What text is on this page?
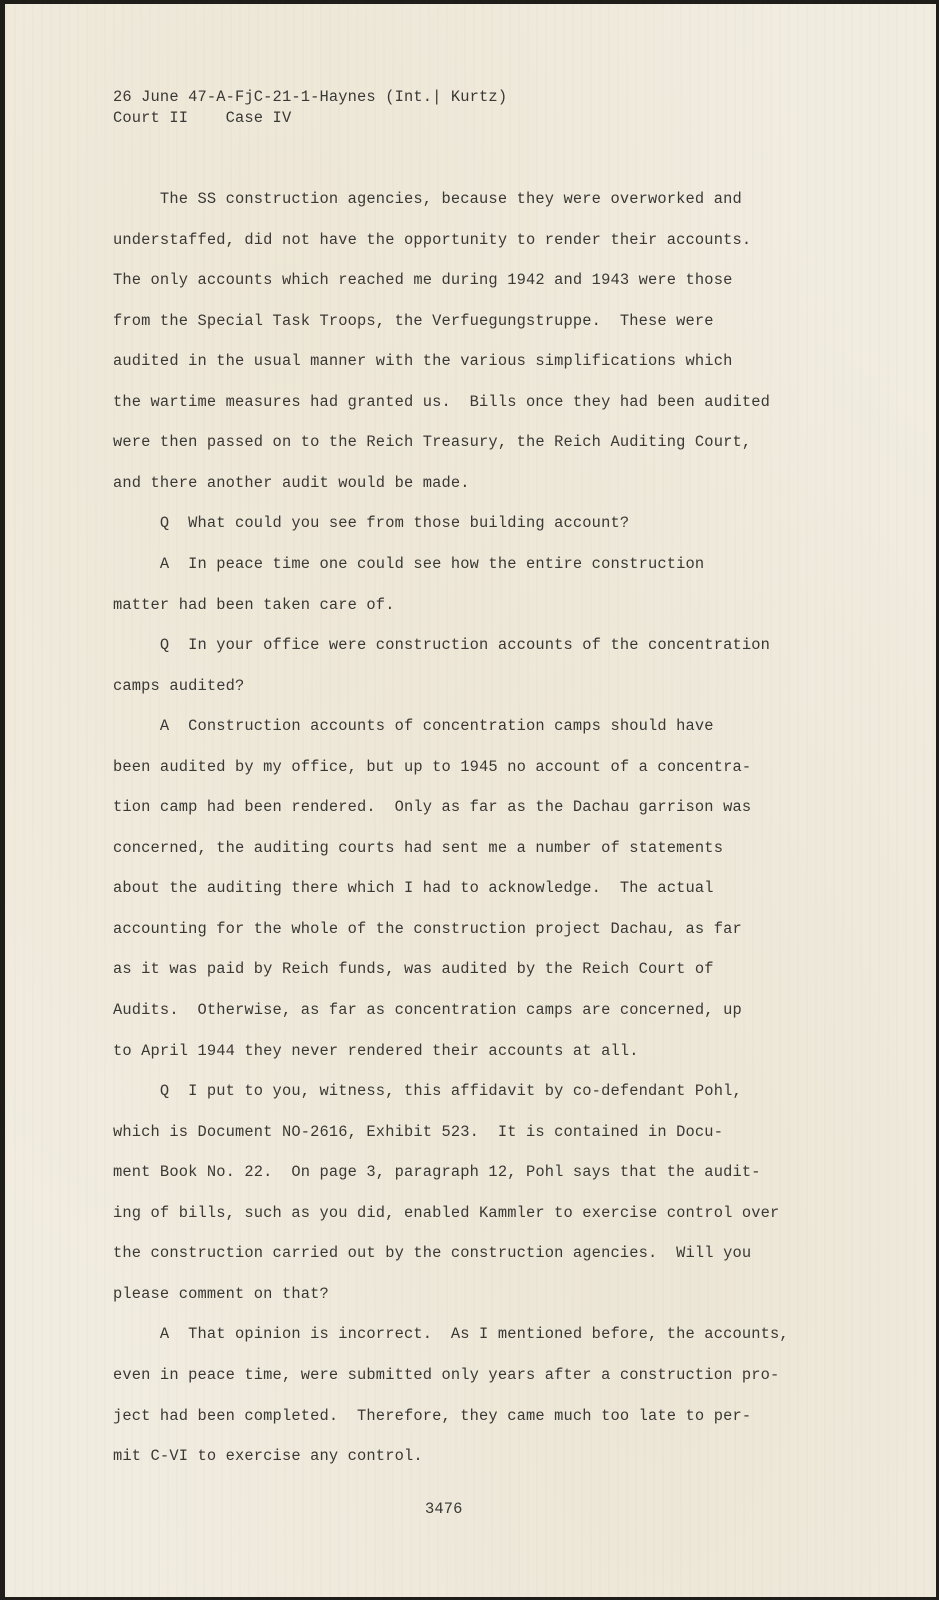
26 June 47-A-FjC-21-1-Haynes (Int.| Kurtz)
Court II    Case IV
The SS construction agencies, because they were overworked and
understaffed, did not have the opportunity to render their accounts.
The only accounts which reached me during 1942 and 1943 were those
from the Special Task Troops, the Verfuegungstruppe.  These were
audited in the usual manner with the various simplifications which
the wartime measures had granted us.  Bills once they had been audited
were then passed on to the Reich Treasury, the Reich Auditing Court,
and there another audit would be made.
Q  What could you see from those building account?
A  In peace time one could see how the entire construction
matter had been taken care of.
Q  In your office were construction accounts of the concentration
camps audited?
A  Construction accounts of concentration camps should have
been audited by my office, but up to 1945 no account of a concentra-
tion camp had been rendered.  Only as far as the Dachau garrison was
concerned, the auditing courts had sent me a number of statements
about the auditing there which I had to acknowledge.  The actual
accounting for the whole of the construction project Dachau, as far
as it was paid by Reich funds, was audited by the Reich Court of
Audits.  Otherwise, as far as concentration camps are concerned, up
to April 1944 they never rendered their accounts at all.
Q  I put to you, witness, this affidavit by co-defendant Pohl,
which is Document NO-2616, Exhibit 523.  It is contained in Docu-
ment Book No. 22.  On page 3, paragraph 12, Pohl says that the audit-
ing of bills, such as you did, enabled Kammler to exercise control over
the construction carried out by the construction agencies.  Will you
please comment on that?
A  That opinion is incorrect.  As I mentioned before, the accounts,
even in peace time, were submitted only years after a construction pro-
ject had been completed.  Therefore, they came much too late to per-
mit C-VI to exercise any control.
3476
